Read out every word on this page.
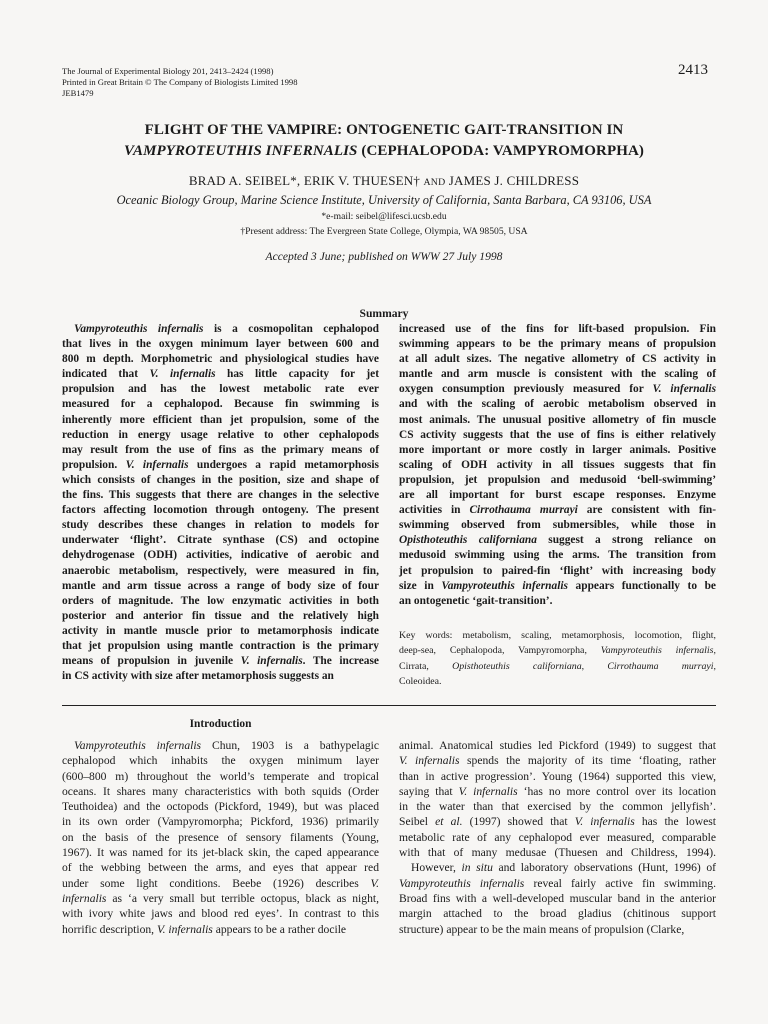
The Journal of Experimental Biology 201, 2413–2424 (1998)
Printed in Great Britain © The Company of Biologists Limited 1998
JEB1479
2413
FLIGHT OF THE VAMPIRE: ONTOGENETIC GAIT-TRANSITION IN
VAMPYROTEUTHIS INFERNALIS (CEPHALOPODA: VAMPYROMORPHA)
BRAD A. SEIBEL*, ERIK V. THUESEN† AND JAMES J. CHILDRESS
Oceanic Biology Group, Marine Science Institute, University of California, Santa Barbara, CA 93106, USA
*e-mail: seibel@lifesci.ucsb.edu
†Present address: The Evergreen State College, Olympia, WA 98505, USA
Accepted 3 June; published on WWW 27 July 1998
Summary
Vampyroteuthis infernalis is a cosmopolitan cephalopod
that lives in the oxygen minimum layer between 600 and
800 m depth. Morphometric and physiological studies have
indicated that V. infernalis has little capacity for jet
propulsion and has the lowest metabolic rate ever
measured for a cephalopod. Because fin swimming is
inherently more efficient than jet propulsion, some of the
reduction in energy usage relative to other cephalopods
may result from the use of fins as the primary means of
propulsion. V. infernalis undergoes a rapid metamorphosis
which consists of changes in the position, size and shape of
the fins. This suggests that there are changes in the selective
factors affecting locomotion through ontogeny. The present
study describes these changes in relation to models for
underwater ‘flight’. Citrate synthase (CS) and octopine
dehydrogenase (ODH) activities, indicative of aerobic and
anaerobic metabolism, respectively, were measured in fin,
mantle and arm tissue across a range of body size of four
orders of magnitude. The low enzymatic activities in both
posterior and anterior fin tissue and the relatively high
activity in mantle muscle prior to metamorphosis indicate
that jet propulsion using mantle contraction is the primary
means of propulsion in juvenile V. infernalis. The increase
in CS activity with size after metamorphosis suggests an
increased use of the fins for lift-based propulsion. Fin
swimming appears to be the primary means of propulsion
at all adult sizes. The negative allometry of CS activity in
mantle and arm muscle is consistent with the scaling of
oxygen consumption previously measured for V. infernalis
and with the scaling of aerobic metabolism observed in
most animals. The unusual positive allometry of fin muscle
CS activity suggests that the use of fins is either relatively
more important or more costly in larger animals. Positive
scaling of ODH activity in all tissues suggests that fin
propulsion, jet propulsion and medusoid ‘bell-swimming’
are all important for burst escape responses. Enzyme
activities in Cirrothauma murrayi are consistent with fin-
swimming observed from submersibles, while those in
Opisthoteuthis californiana suggest a strong reliance on
medusoid swimming using the arms. The transition from
jet propulsion to paired-fin ‘flight’ with increasing body
size in Vampyroteuthis infernalis appears functionally to be
an ontogenetic ‘gait-transition’.
Key words: metabolism, scaling, metamorphosis, locomotion, flight,
deep-sea, Cephalopoda, Vampyromorpha, Vampyroteuthis infernalis,
Cirrata, Opisthoteuthis californiana, Cirrothauma murrayi,
Coleoidea.
Introduction
Vampyroteuthis infernalis Chun, 1903 is a bathypelagic
cephalopod which inhabits the oxygen minimum layer
(600–800 m) throughout the world’s temperate and tropical
oceans. It shares many characteristics with both squids (Order
Teuthoidea) and the octopods (Pickford, 1949), but was placed
in its own order (Vampyromorpha; Pickford, 1936) primarily
on the basis of the presence of sensory filaments (Young,
1967). It was named for its jet-black skin, the caped appearance
of the webbing between the arms, and eyes that appear red
under some light conditions. Beebe (1926) describes V.
infernalis as ‘a very small but terrible octopus, black as night,
with ivory white jaws and blood red eyes’. In contrast to this
horrific description, V. infernalis appears to be a rather docile
animal. Anatomical studies led Pickford (1949) to suggest that
V. infernalis spends the majority of its time ‘floating, rather
than in active progression’. Young (1964) supported this view,
saying that V. infernalis ‘has no more control over its location
in the water than that exercised by the common jellyfish’.
Seibel et al. (1997) showed that V. infernalis has the lowest
metabolic rate of any cephalopod ever measured, comparable
with that of many medusae (Thuesen and Childress, 1994).
However, in situ and laboratory observations (Hunt, 1996) of
Vampyroteuthis infernalis reveal fairly active fin swimming.
Broad fins with a well-developed muscular band in the anterior
margin attached to the broad gladius (chitinous support
structure) appear to be the main means of propulsion (Clarke,
